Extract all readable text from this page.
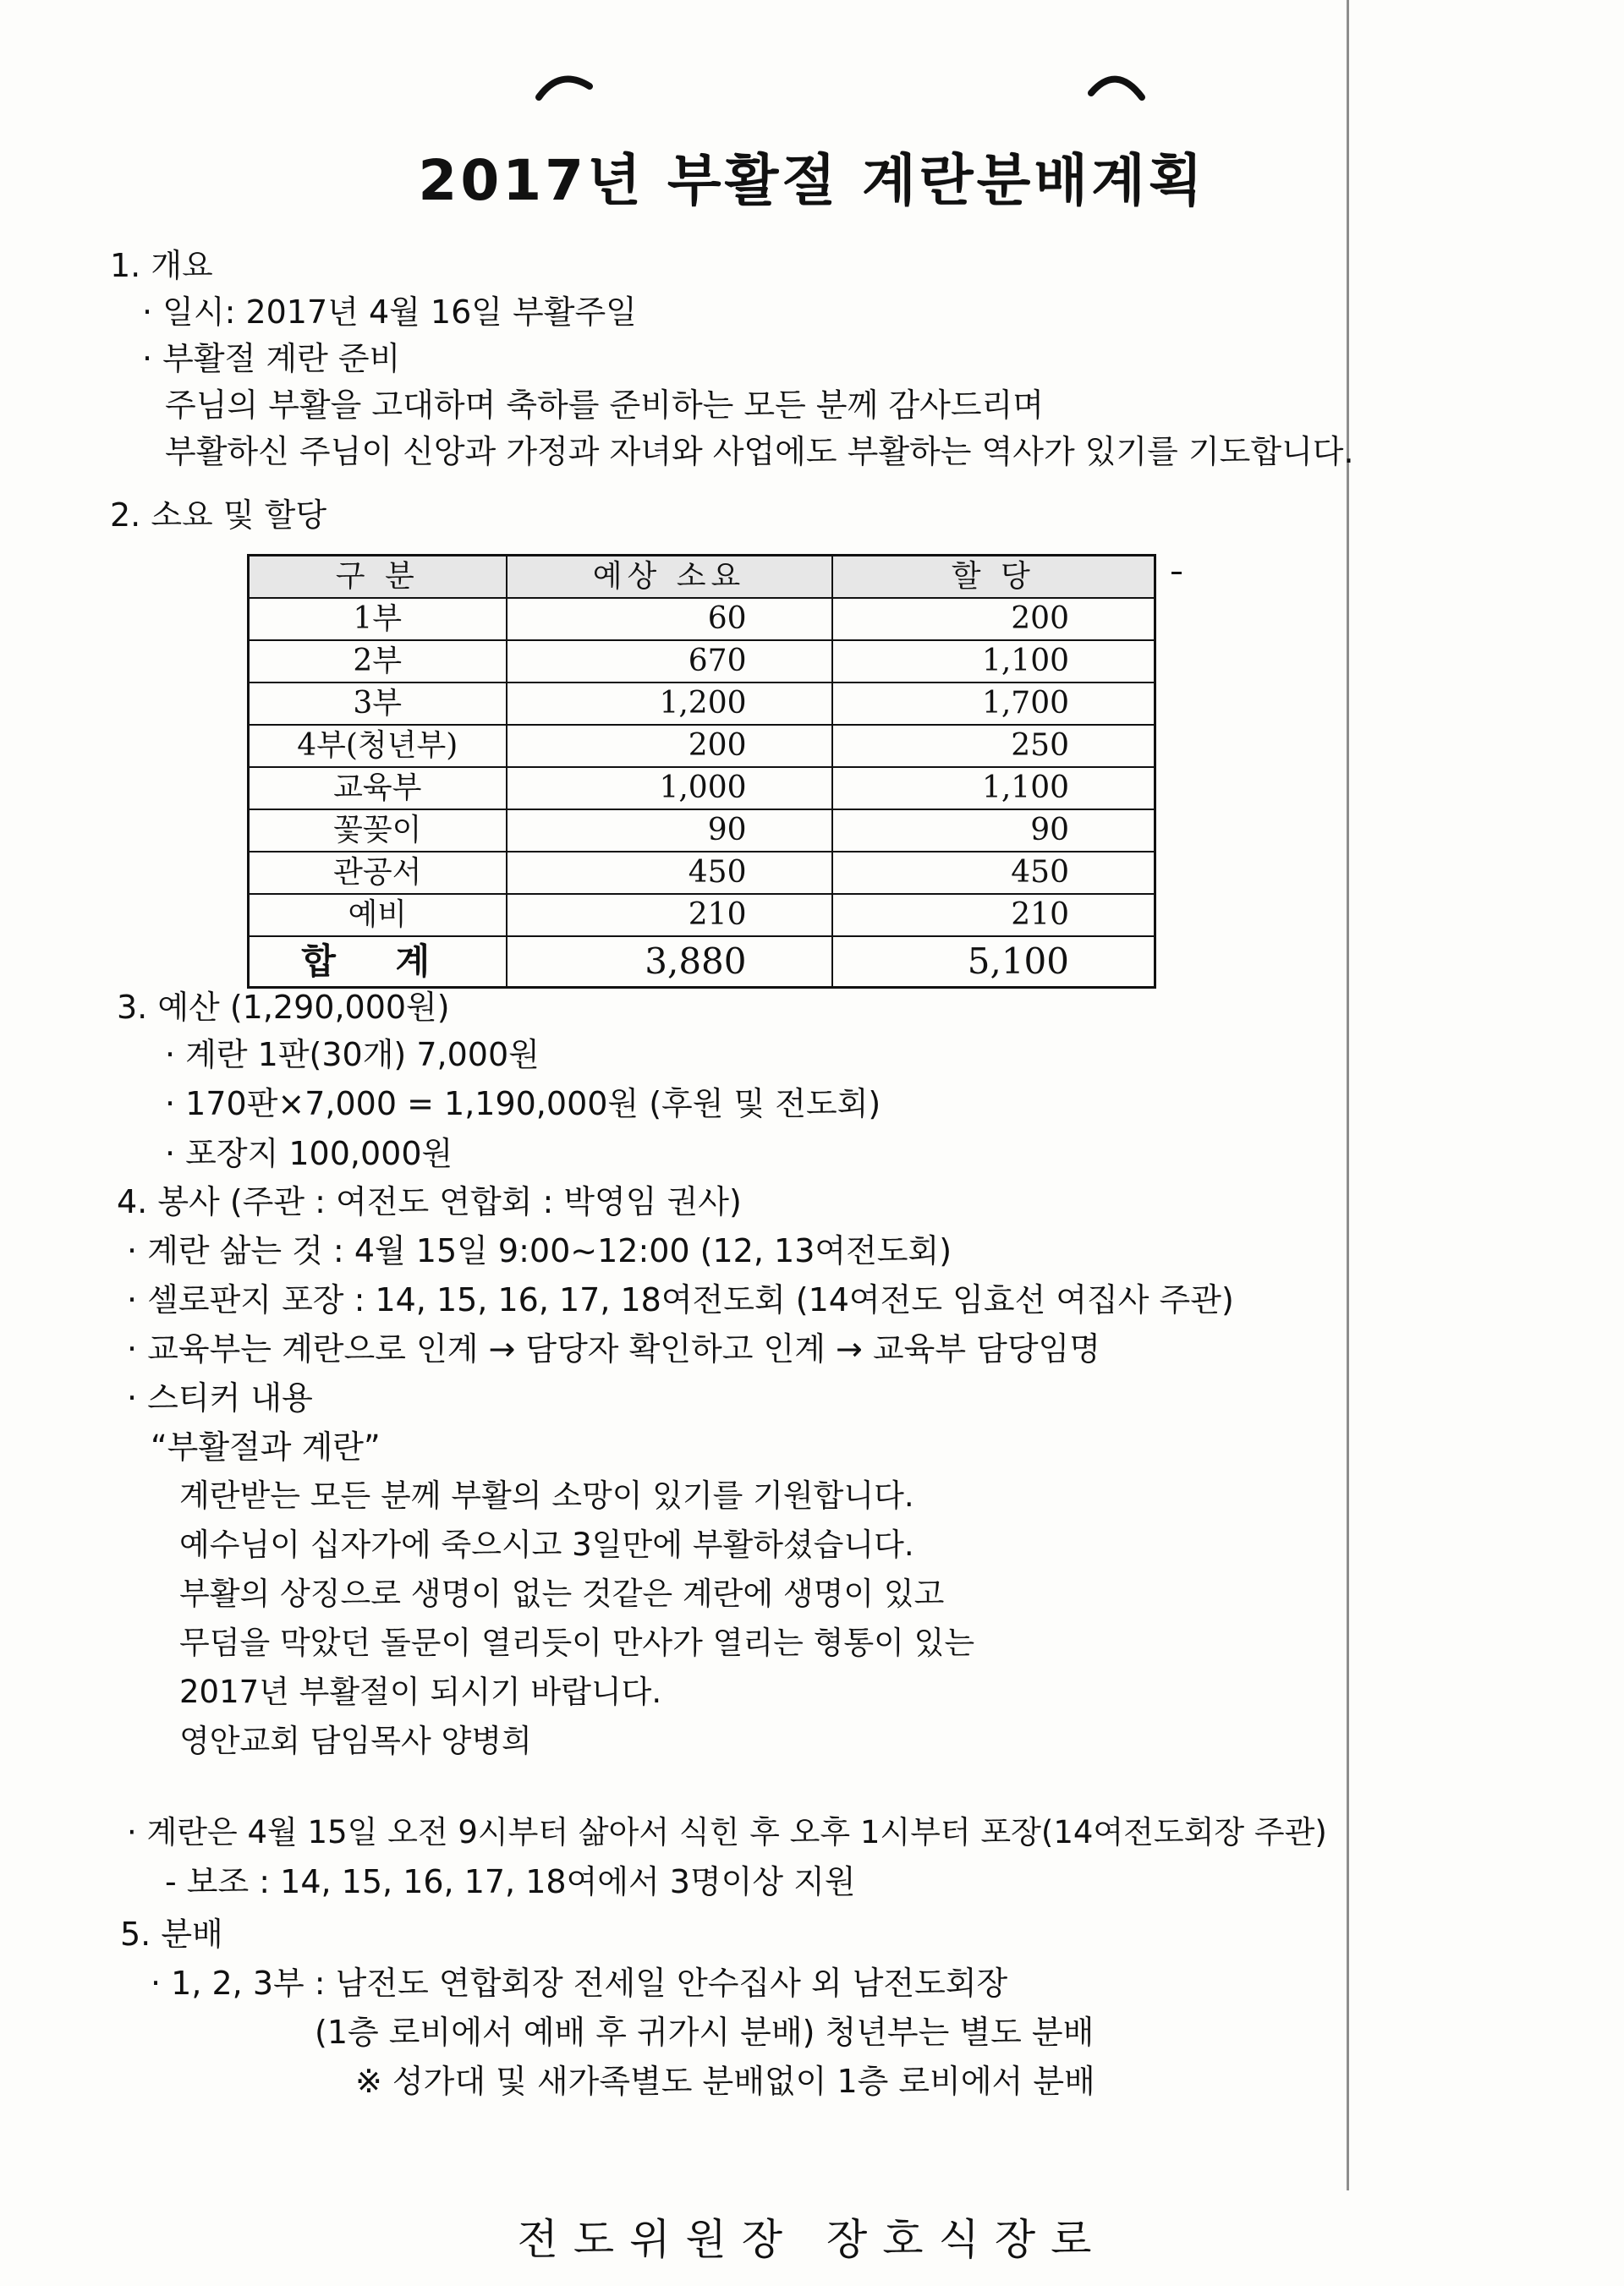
2017년 부활절 계란분배계획
1. 개요
· 일시: 2017년 4월 16일 부활주일
· 부활절 계란 준비
주님의 부활을 고대하며 축하를 준비하는 모든 분께 감사드리며
부활하신 주님이 신앙과 가정과 자녀와 사업에도 부활하는 역사가 있기를 기도합니다.
2. 소요 및 할당
구 분	예상 소요	할 당
1부	60	200
2부	670	1,100
3부	1,200	1,700
4부(청년부)	200	250
교육부	1,000	1,100
꽃꽂이	90	90
관공서	450	450
예비	210	210
합 계	3,880	5,100
3. 예산 (1,290,000원)
· 계란 1판(30개) 7,000원
· 170판×7,000 = 1,190,000원 (후원 및 전도회)
· 포장지 100,000원
4. 봉사 (주관 : 여전도 연합회 : 박영임 권사)
· 계란 삶는 것 : 4월 15일 9:00~12:00 (12, 13여전도회)
· 셀로판지 포장 : 14, 15, 16, 17, 18여전도회 (14여전도 임효선 여집사 주관)
· 교육부는 계란으로 인계 → 담당자 확인하고 인계 → 교육부 담당임명
· 스티커 내용
“부활절과 계란”
계란받는 모든 분께 부활의 소망이 있기를 기원합니다.
예수님이 십자가에 죽으시고 3일만에 부활하셨습니다.
부활의 상징으로 생명이 없는 것같은 계란에 생명이 있고
무덤을 막았던 돌문이 열리듯이 만사가 열리는 형통이 있는
2017년 부활절이 되시기 바랍니다.
영안교회 담임목사 양병희
· 계란은 4월 15일 오전 9시부터 삶아서 식힌 후 오후 1시부터 포장(14여전도회장 주관)
- 보조 : 14, 15, 16, 17, 18여에서 3명이상 지원
5. 분배
· 1, 2, 3부 : 남전도 연합회장 전세일 안수집사 외 남전도회장
(1층 로비에서 예배 후 귀가시 분배) 청년부는 별도 분배
※ 성가대 및 새가족별도 분배없이 1층 로비에서 분배
전도위원장 장호식장로
